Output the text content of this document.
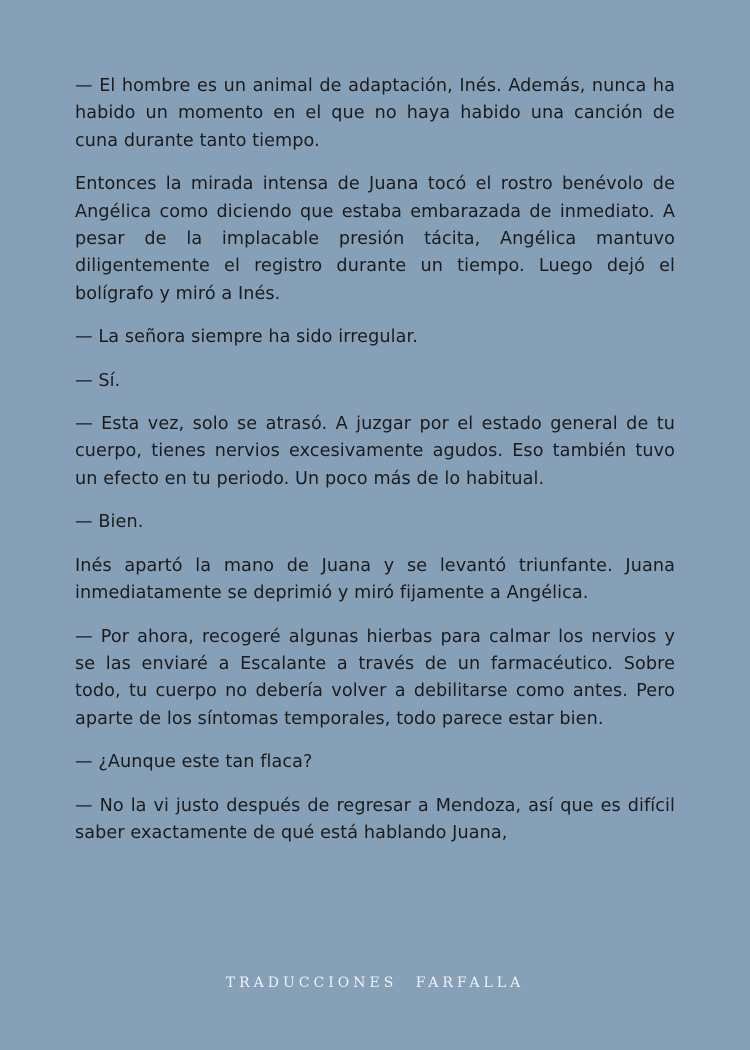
— El hombre es un animal de adaptación, Inés. Además, nunca ha habido un momento en el que no haya habido una canción de cuna durante tanto tiempo.

Entonces la mirada intensa de Juana tocó el rostro benévolo de Angélica como diciendo que estaba embarazada de inmediato. A pesar de la implacable presión tácita, Angélica mantuvo diligentemente el registro durante un tiempo. Luego dejó el bolígrafo y miró a Inés.

— La señora siempre ha sido irregular.

— Sí.

— Esta vez, solo se atrasó. A juzgar por el estado general de tu cuerpo, tienes nervios excesivamente agudos. Eso también tuvo un efecto en tu periodo. Un poco más de lo habitual.

— Bien.

Inés apartó la mano de Juana y se levantó triunfante. Juana inmediatamente se deprimió y miró fijamente a Angélica.

— Por ahora, recogeré algunas hierbas para calmar los nervios y se las enviaré a Escalante a través de un farmacéutico. Sobre todo, tu cuerpo no debería volver a debilitarse como antes. Pero aparte de los síntomas temporales, todo parece estar bien.

— ¿Aunque este tan flaca?

— No la vi justo después de regresar a Mendoza, así que es difícil saber exactamente de qué está hablando Juana,

TRADUCCIONES FARFALLA
